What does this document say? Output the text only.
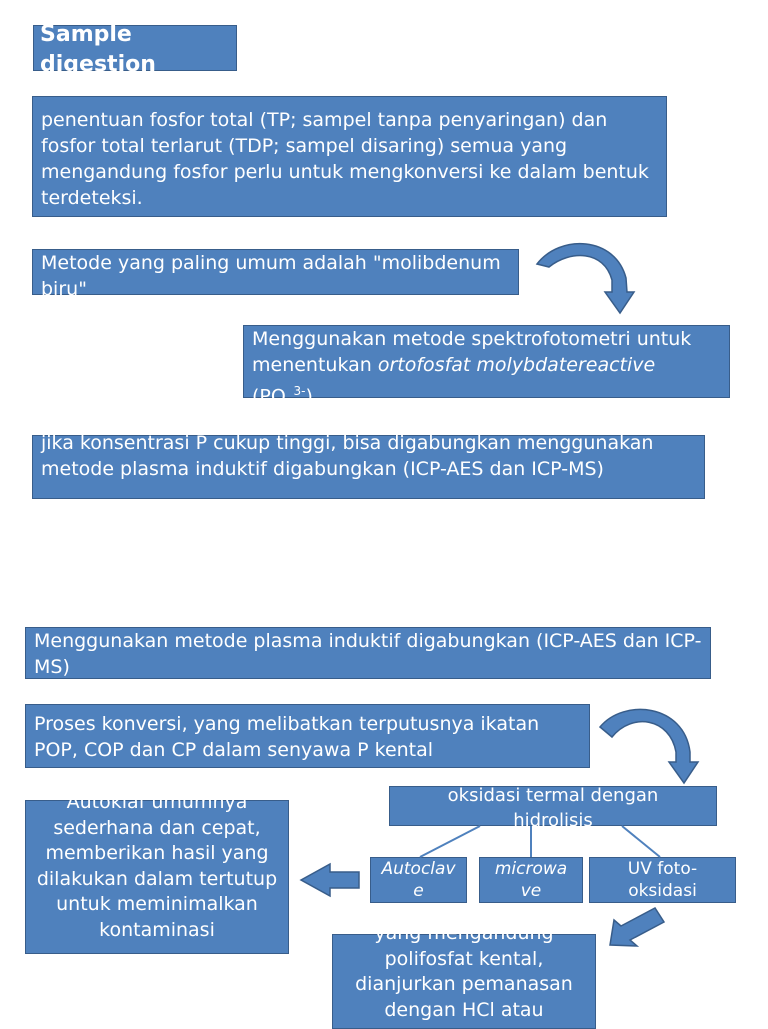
Sample digestion
penentuan fosfor total (TP; sampel tanpa penyaringan) dan fosfor total terlarut (TDP; sampel disaring) semua yang mengandung fosfor perlu untuk mengkonversi ke dalam bentuk terdeteksi.
Metode yang paling umum adalah "molibdenum biru"
Menggunakan metode spektrofotometri untuk menentukan ortofosfat molybdatereactive $(PO_4^{3-})$
jika konsentrasi P cukup tinggi, bisa digabungkan menggunakan metode plasma induktif digabungkan (ICP-AES dan ICP-MS)
Menggunakan metode plasma induktif digabungkan (ICP-AES dan ICP-MS)
Proses konversi, yang melibatkan terputusnya ikatan POP, COP dan CP dalam senyawa P kental
oksidasi termal dengan hidrolisis
Autoklaf umumnya sederhana dan cepat, memberikan hasil yang dilakukan dalam tertutup untuk meminimalkan kontaminasi
Autoclave
microwave
UV foto-oksidasi
yang mengandung polifosfat kental, dianjurkan pemanasan dengan HCl atau
